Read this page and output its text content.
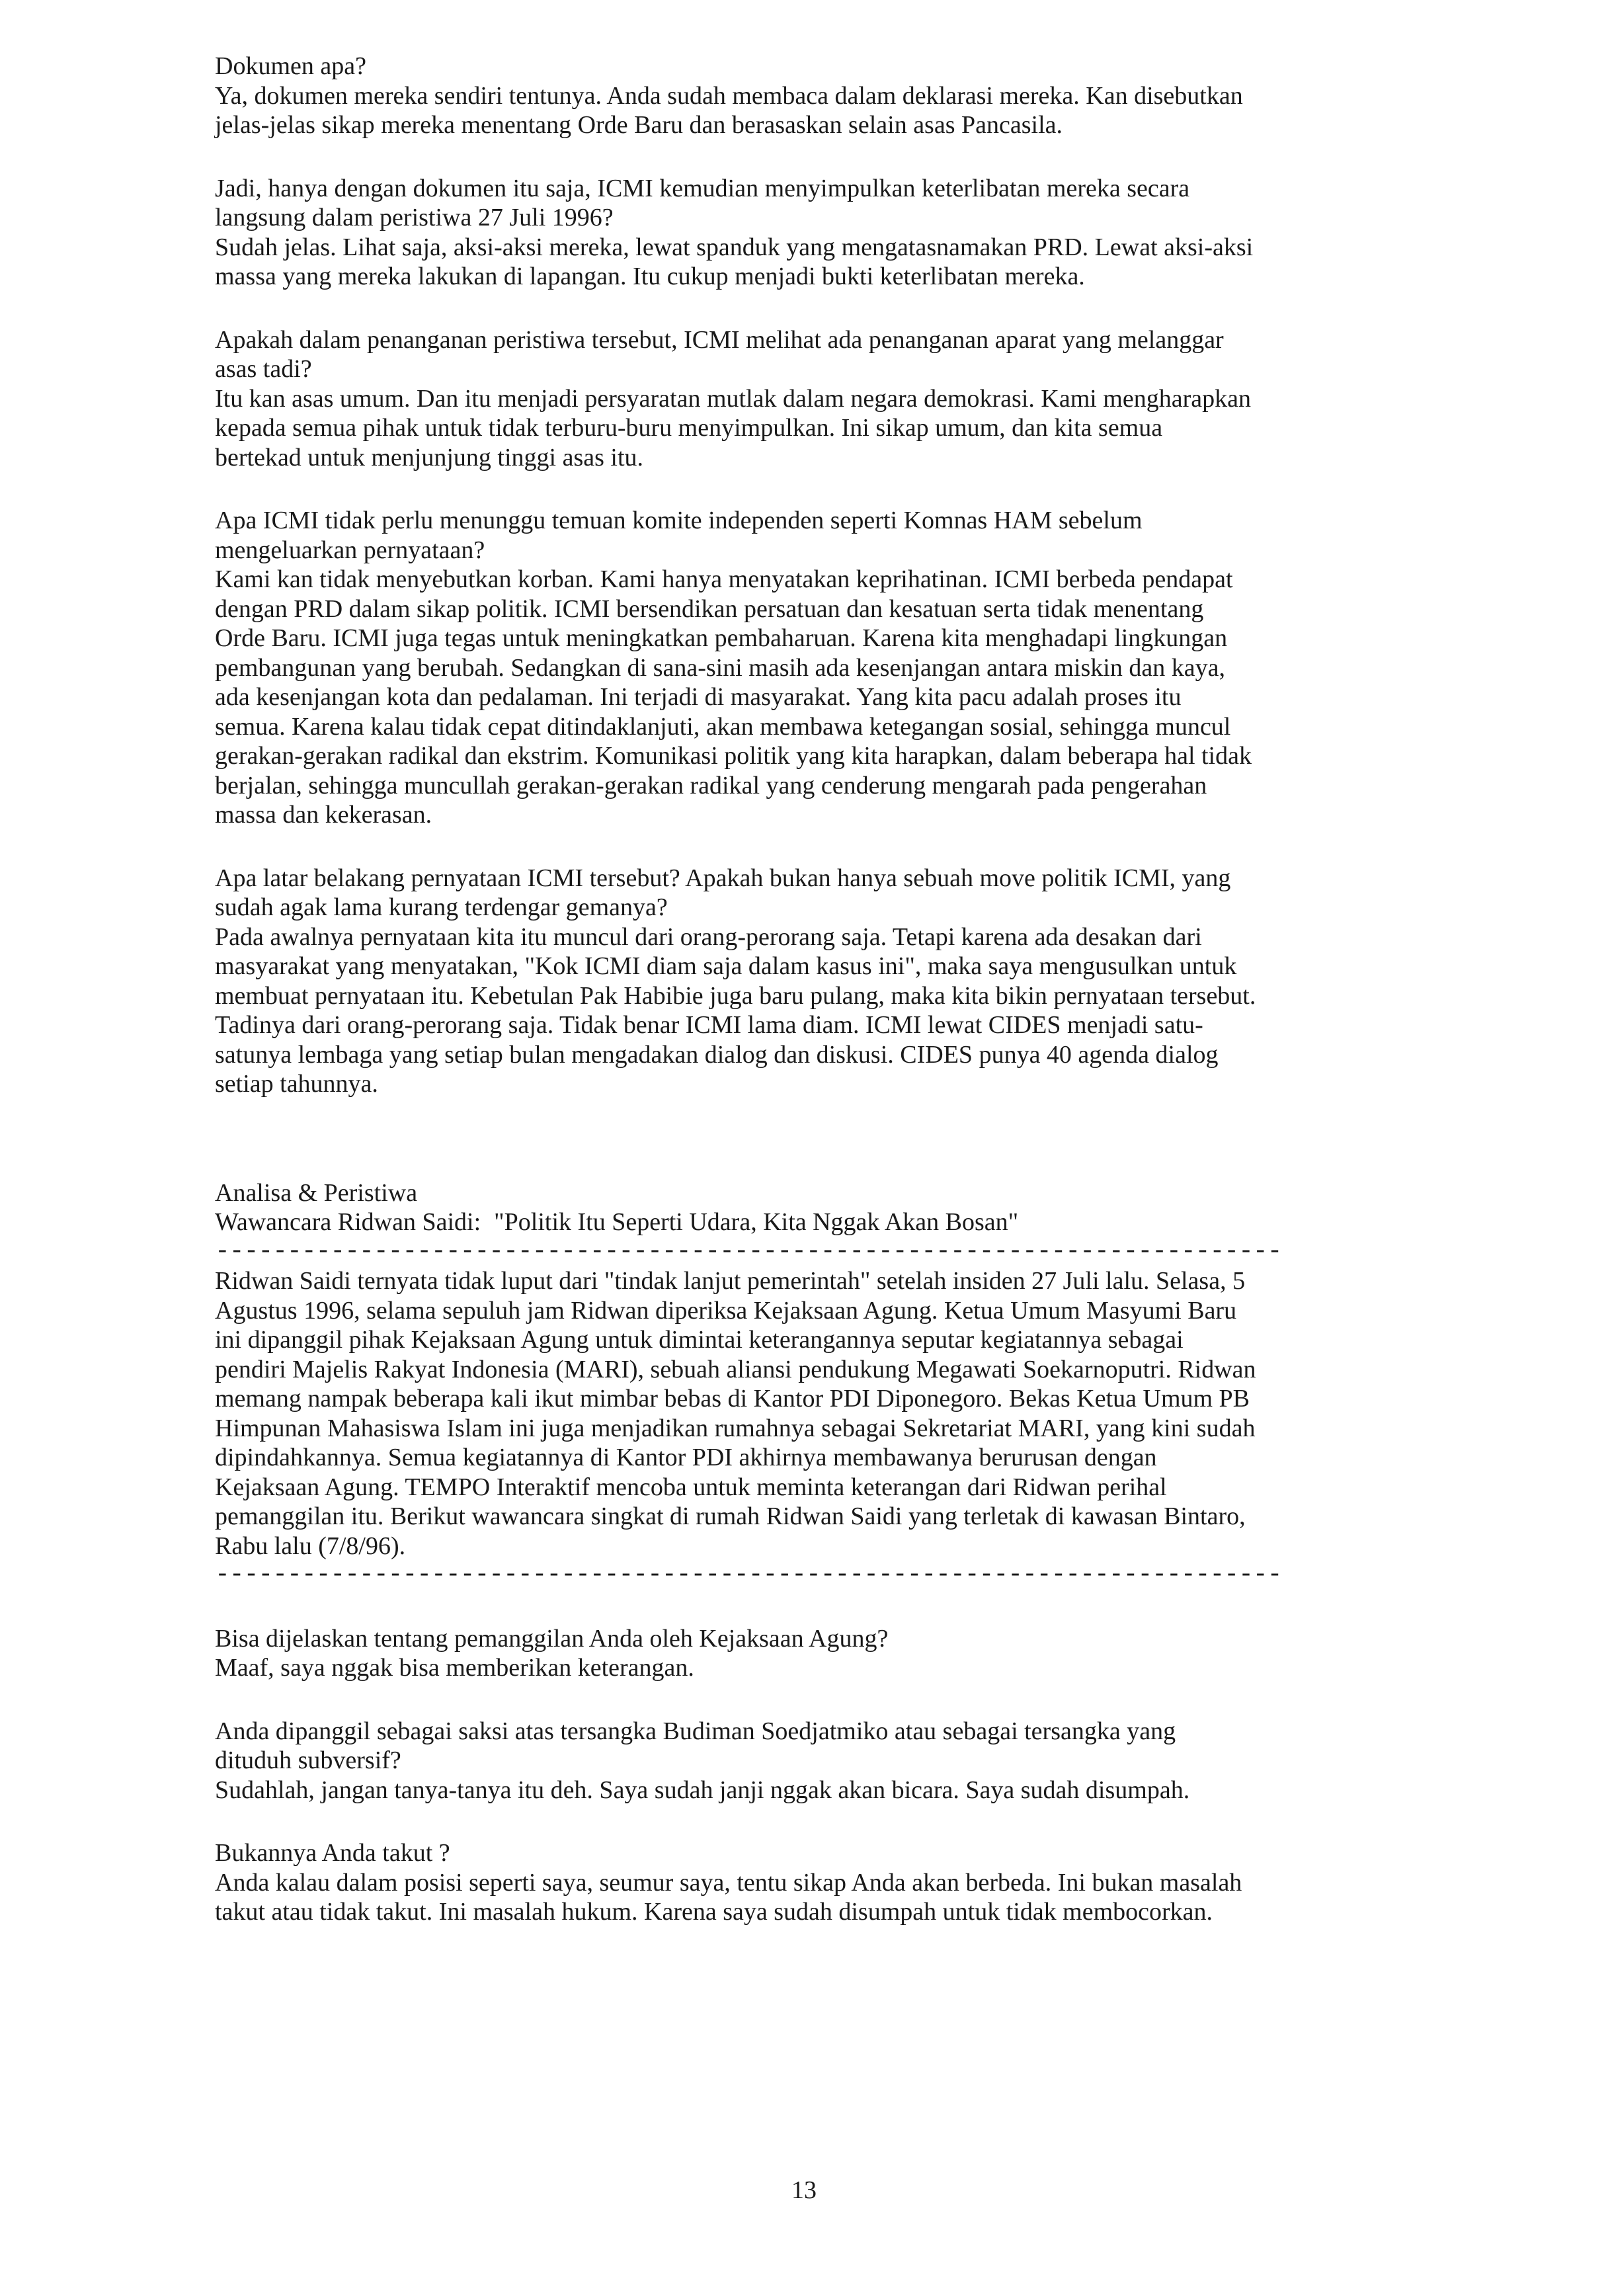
Dokumen apa?
Ya, dokumen mereka sendiri tentunya. Anda sudah membaca dalam deklarasi mereka. Kan disebutkan
jelas-jelas sikap mereka menentang Orde Baru dan berasaskan selain asas Pancasila.
Jadi, hanya dengan dokumen itu saja, ICMI kemudian menyimpulkan keterlibatan mereka secara
langsung dalam peristiwa 27 Juli 1996?
Sudah jelas. Lihat saja, aksi-aksi mereka, lewat spanduk yang mengatasnamakan PRD. Lewat aksi-aksi
massa yang mereka lakukan di lapangan. Itu cukup menjadi bukti keterlibatan mereka.
Apakah dalam penanganan peristiwa tersebut, ICMI melihat ada penanganan aparat yang melanggar
asas tadi?
Itu kan asas umum. Dan itu menjadi persyaratan mutlak dalam negara demokrasi. Kami mengharapkan
kepada semua pihak untuk tidak terburu-buru menyimpulkan. Ini sikap umum, dan kita semua
bertekad untuk menjunjung tinggi asas itu.
Apa ICMI tidak perlu menunggu temuan komite independen seperti Komnas HAM sebelum
mengeluarkan pernyataan?
Kami kan tidak menyebutkan korban. Kami hanya menyatakan keprihatinan. ICMI berbeda pendapat
dengan PRD dalam sikap politik. ICMI bersendikan persatuan dan kesatuan serta tidak menentang
Orde Baru. ICMI juga tegas untuk meningkatkan pembaharuan. Karena kita menghadapi lingkungan
pembangunan yang berubah. Sedangkan di sana-sini masih ada kesenjangan antara miskin dan kaya,
ada kesenjangan kota dan pedalaman. Ini terjadi di masyarakat. Yang kita pacu adalah proses itu
semua. Karena kalau tidak cepat ditindaklanjuti, akan membawa ketegangan sosial, sehingga muncul
gerakan-gerakan radikal dan ekstrim. Komunikasi politik yang kita harapkan, dalam beberapa hal tidak
berjalan, sehingga muncullah gerakan-gerakan radikal yang cenderung mengarah pada pengerahan
massa dan kekerasan.
Apa latar belakang pernyataan ICMI tersebut? Apakah bukan hanya sebuah move politik ICMI, yang
sudah agak lama kurang terdengar gemanya?
Pada awalnya pernyataan kita itu muncul dari orang-perorang saja. Tetapi karena ada desakan dari
masyarakat yang menyatakan, "Kok ICMI diam saja dalam kasus ini", maka saya mengusulkan untuk
membuat pernyataan itu. Kebetulan Pak Habibie juga baru pulang, maka kita bikin pernyataan tersebut.
Tadinya dari orang-perorang saja. Tidak benar ICMI lama diam. ICMI lewat CIDES menjadi satu-
satunya lembaga yang setiap bulan mengadakan dialog dan diskusi. CIDES punya 40 agenda dialog
setiap tahunnya.
Analisa & Peristiwa
Wawancara Ridwan Saidi: "Politik Itu Seperti Udara, Kita Nggak Akan Bosan"
--------------------------------------------------------------------------
Ridwan Saidi ternyata tidak luput dari "tindak lanjut pemerintah" setelah insiden 27 Juli lalu. Selasa, 5
Agustus 1996, selama sepuluh jam Ridwan diperiksa Kejaksaan Agung. Ketua Umum Masyumi Baru
ini dipanggil pihak Kejaksaan Agung untuk dimintai keterangannya seputar kegiatannya sebagai
pendiri Majelis Rakyat Indonesia (MARI), sebuah aliansi pendukung Megawati Soekarnoputri. Ridwan
memang nampak beberapa kali ikut mimbar bebas di Kantor PDI Diponegoro. Bekas Ketua Umum PB
Himpunan Mahasiswa Islam ini juga menjadikan rumahnya sebagai Sekretariat MARI, yang kini sudah
dipindahkannya. Semua kegiatannya di Kantor PDI akhirnya membawanya berurusan dengan
Kejaksaan Agung. TEMPO Interaktif mencoba untuk meminta keterangan dari Ridwan perihal
pemanggilan itu. Berikut wawancara singkat di rumah Ridwan Saidi yang terletak di kawasan Bintaro,
Rabu lalu (7/8/96).
--------------------------------------------------------------------------
Bisa dijelaskan tentang pemanggilan Anda oleh Kejaksaan Agung?
Maaf, saya nggak bisa memberikan keterangan.
Anda dipanggil sebagai saksi atas tersangka Budiman Soedjatmiko atau sebagai tersangka yang
dituduh subversif?
Sudahlah, jangan tanya-tanya itu deh. Saya sudah janji nggak akan bicara. Saya sudah disumpah.
Bukannya Anda takut ?
Anda kalau dalam posisi seperti saya, seumur saya, tentu sikap Anda akan berbeda. Ini bukan masalah
takut atau tidak takut. Ini masalah hukum. Karena saya sudah disumpah untuk tidak membocorkan.
13
